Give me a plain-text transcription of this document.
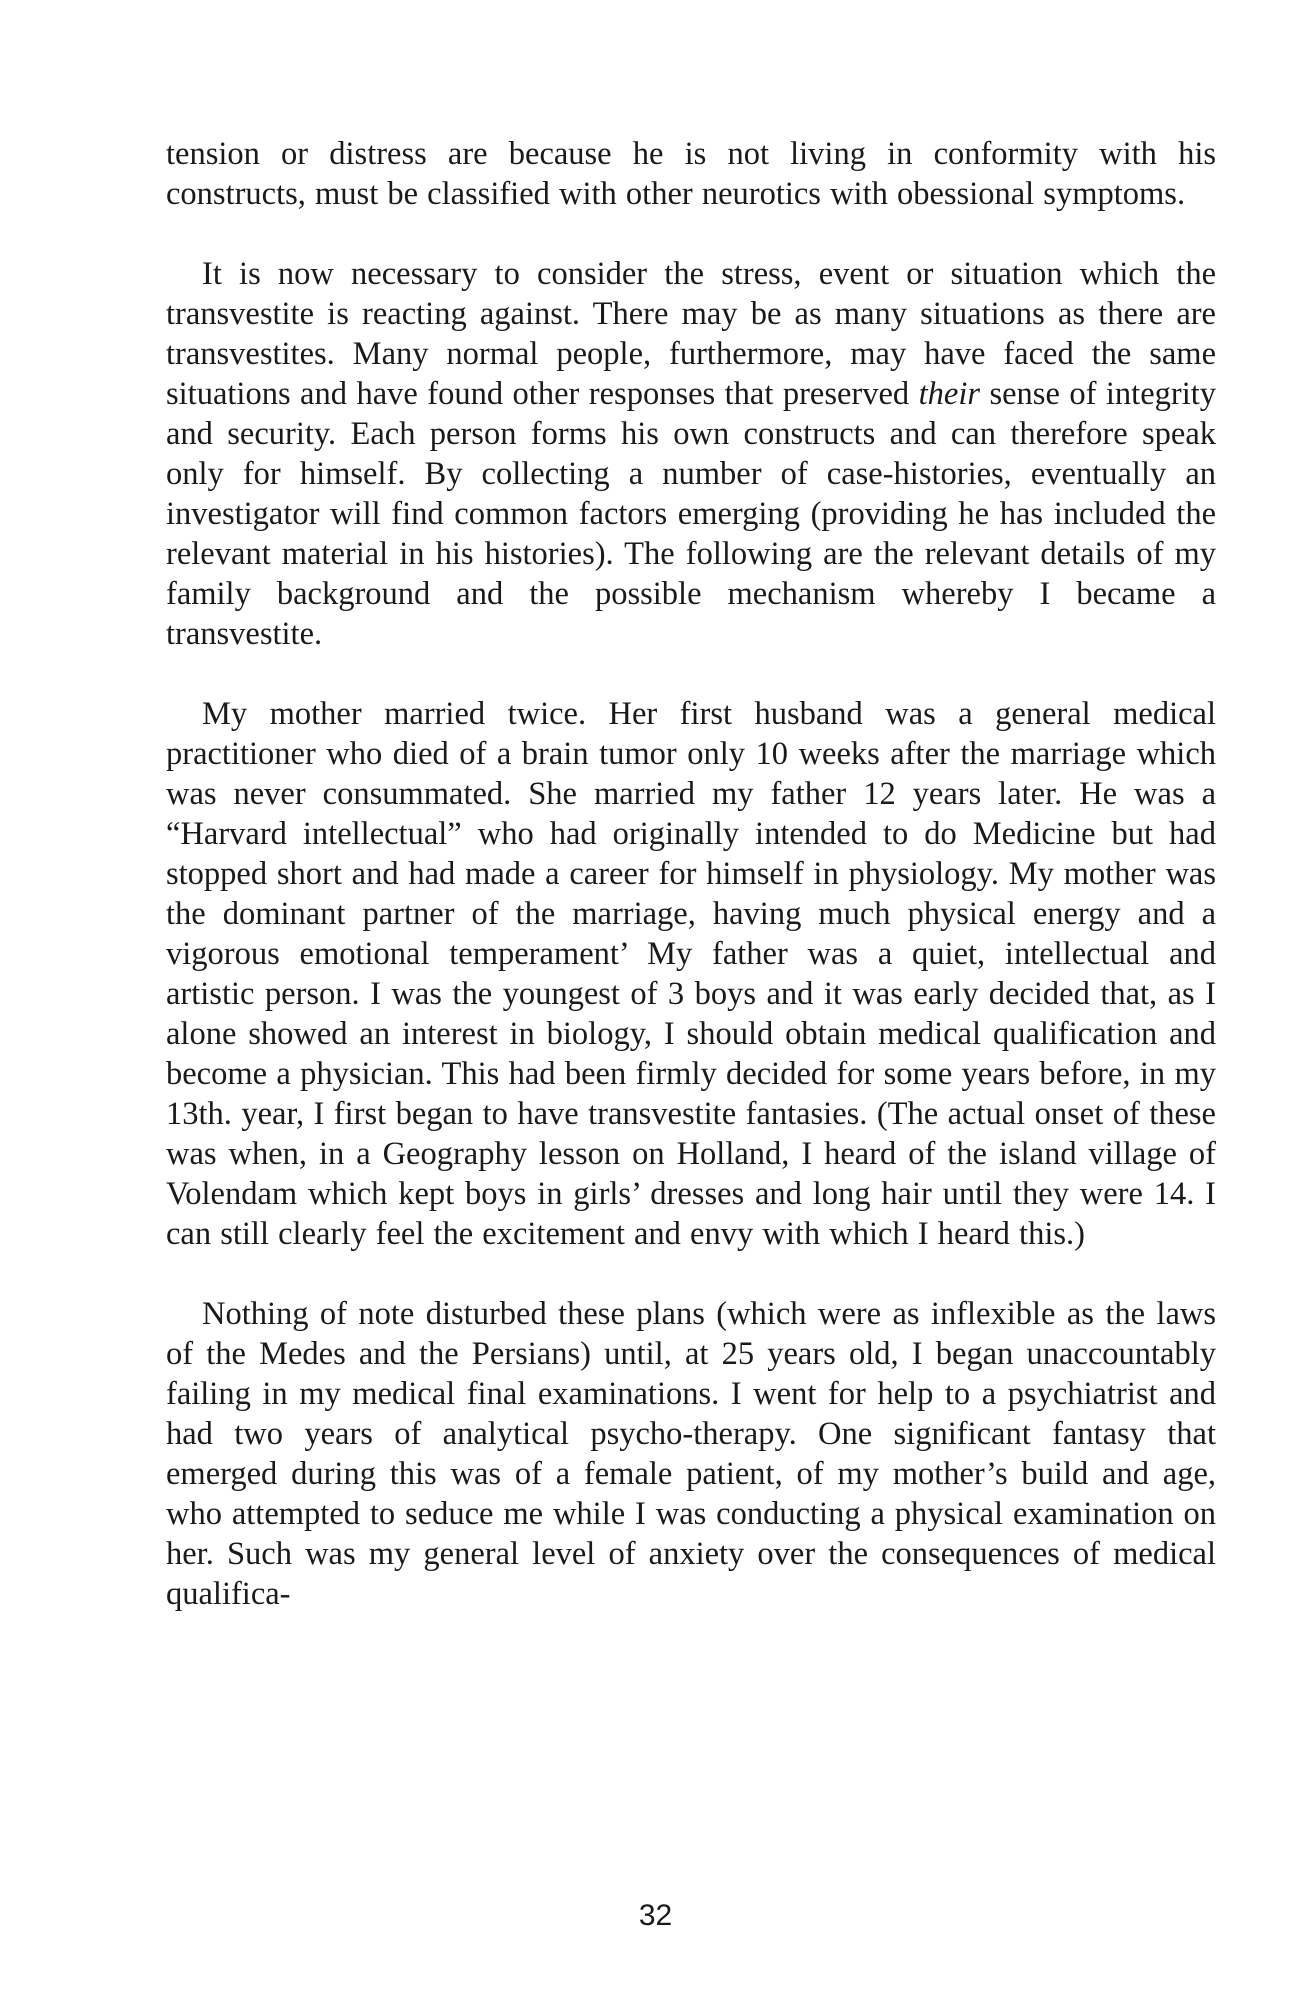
tension or distress are because he is not living in conformity with his constructs, must be classified with other neurotics with obessional symptoms.

It is now necessary to consider the stress, event or situation which the transvestite is reacting against. There may be as many situations as there are transvestites. Many normal people, furthermore, may have faced the same situations and have found other responses that preserved their sense of integrity and security. Each person forms his own constructs and can therefore speak only for himself. By collecting a number of case-histories, eventually an investigator will find common factors emerging (providing he has included the relevant material in his histories). The following are the relevant details of my family background and the possible mechanism whereby I became a transvestite.

My mother married twice. Her first husband was a general medical practitioner who died of a brain tumor only 10 weeks after the marriage which was never consummated. She married my father 12 years later. He was a “Harvard intellectual” who had originally intended to do Medicine but had stopped short and had made a career for himself in physiology. My mother was the dominant partner of the marriage, having much physical energy and a vigorous emotional temperament’ My father was a quiet, intellectual and artistic person. I was the youngest of 3 boys and it was early decided that, as I alone showed an interest in biology, I should obtain medical qualification and become a physician. This had been firmly decided for some years before, in my 13th. year, I first began to have transvestite fantasies. (The actual onset of these was when, in a Geography lesson on Holland, I heard of the island village of Volendam which kept boys in girls’ dresses and long hair until they were 14. I can still clearly feel the excitement and envy with which I heard this.)

Nothing of note disturbed these plans (which were as inflexible as the laws of the Medes and the Persians) until, at 25 years old, I began unaccountably failing in my medical final examinations. I went for help to a psychiatrist and had two years of analytical psycho-therapy. One significant fantasy that emerged during this was of a female patient, of my mother’s build and age, who attempted to seduce me while I was conducting a physical examination on her. Such was my general level of anxiety over the consequences of medical qualifica-

32
